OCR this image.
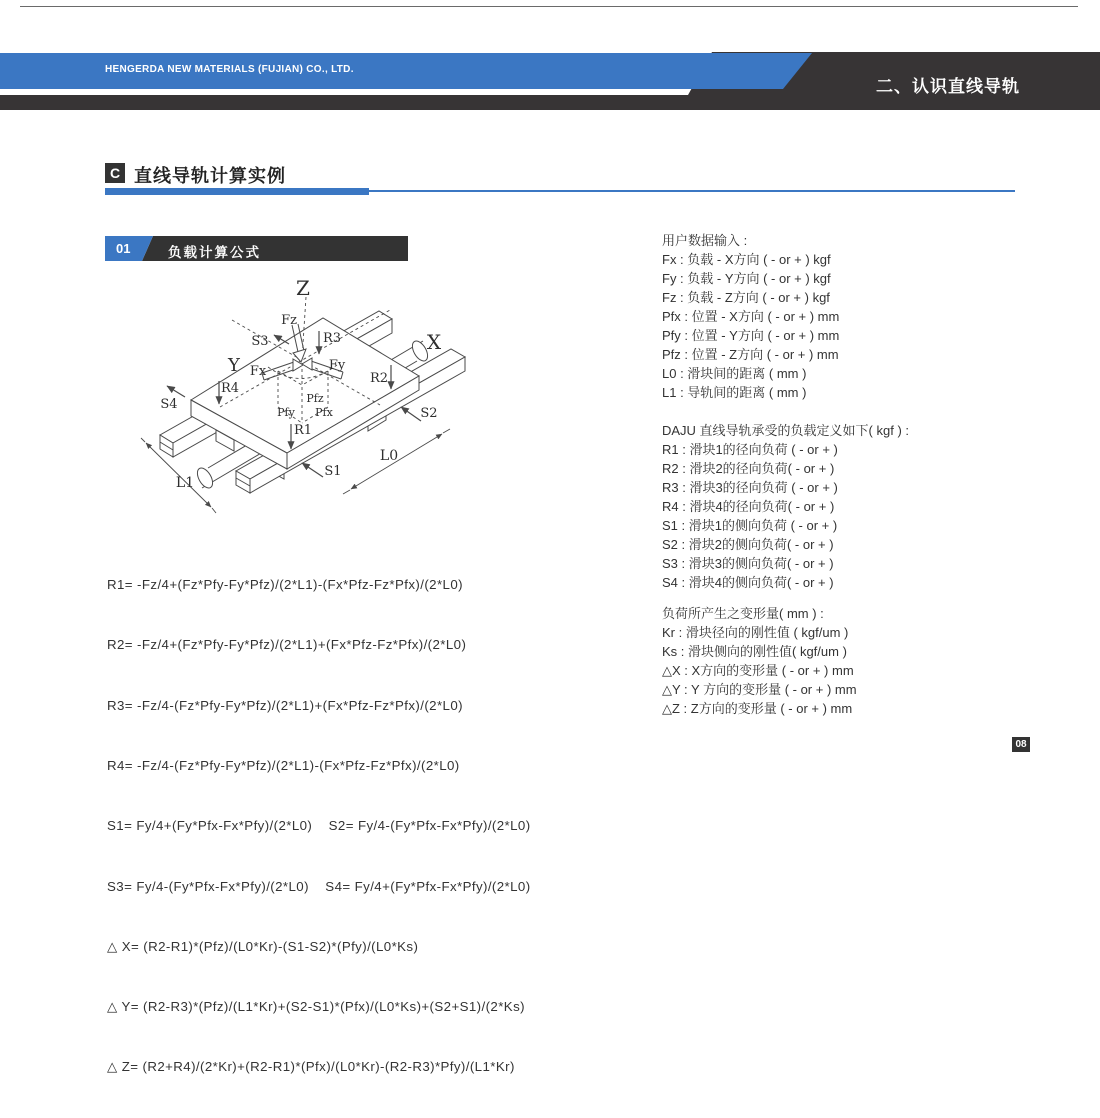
HENGERDA NEW MATERIALS (FUJIAN) CO., LTD.
二、认识直线导轨
C 直线导轨计算实例
01	负载计算公式
Z
X
Y
Fz
Fx	Fy
R3
R2
R4
R1
S3
S4
S2
S1
Pfz
Pfy Pfx
L0
L1

R1= -Fz/4+(Fz*Pfy-Fy*Pfz)/(2*L1)-(Fx*Pfz-Fz*Pfx)/(2*L0)

R2= -Fz/4+(Fz*Pfy-Fy*Pfz)/(2*L1)+(Fx*Pfz-Fz*Pfx)/(2*L0)

R3= -Fz/4-(Fz*Pfy-Fy*Pfz)/(2*L1)+(Fx*Pfz-Fz*Pfx)/(2*L0)

R4= -Fz/4-(Fz*Pfy-Fy*Pfz)/(2*L1)-(Fx*Pfz-Fz*Pfx)/(2*L0)

S1= Fy/4+(Fy*Pfx-Fx*Pfy)/(2*L0)    S2= Fy/4-(Fy*Pfx-Fx*Pfy)/(2*L0)

S3= Fy/4-(Fy*Pfx-Fx*Pfy)/(2*L0)    S4= Fy/4+(Fy*Pfx-Fx*Pfy)/(2*L0)

△ X= (R2-R1)*(Pfz)/(L0*Kr)-(S1-S2)*(Pfy)/(L0*Ks)

△ Y= (R2-R3)*(Pfz)/(L1*Kr)+(S2-S1)*(Pfx)/(L0*Ks)+(S2+S1)/(2*Ks)

△ Z= (R2+R4)/(2*Kr)+(R2-R1)*(Pfx)/(L0*Kr)-(R2-R3)*Pfy)/(L1*Kr)

用户数据输入 :
Fx : 负载 - X方向 ( - or + ) kgf
Fy : 负载 - Y方向 ( - or + ) kgf
Fz : 负载 - Z方向 ( - or + ) kgf
Pfx : 位置 - X方向 ( - or + ) mm
Pfy : 位置 - Y方向 ( - or + ) mm
Pfz : 位置 - Z方向 ( - or + ) mm
L0 : 滑块间的距离 ( mm )
L1 : 导轨间的距离 ( mm )
DAJU 直线导轨承受的负载定义如下( kgf ) :
R1 : 滑块1的径向负荷 ( - or + )
R2 : 滑块2的径向负荷( - or + )
R3 : 滑块3的径向负荷 ( - or + )
R4 : 滑块4的径向负荷( - or + )
S1 : 滑块1的侧向负荷 ( - or + )
S2 : 滑块2的侧向负荷( - or + )
S3 : 滑块3的侧向负荷( - or + )
S4 : 滑块4的侧向负荷( - or + )
负荷所产生之变形量( mm ) :
Kr : 滑块径向的刚性值 ( kgf/um )
Ks : 滑块侧向的刚性值( kgf/um )
△X : X方向的变形量 ( - or + ) mm
△Y : Y 方向的变形量 ( - or + ) mm
△Z : Z方向的变形量 ( - or + ) mm
08
